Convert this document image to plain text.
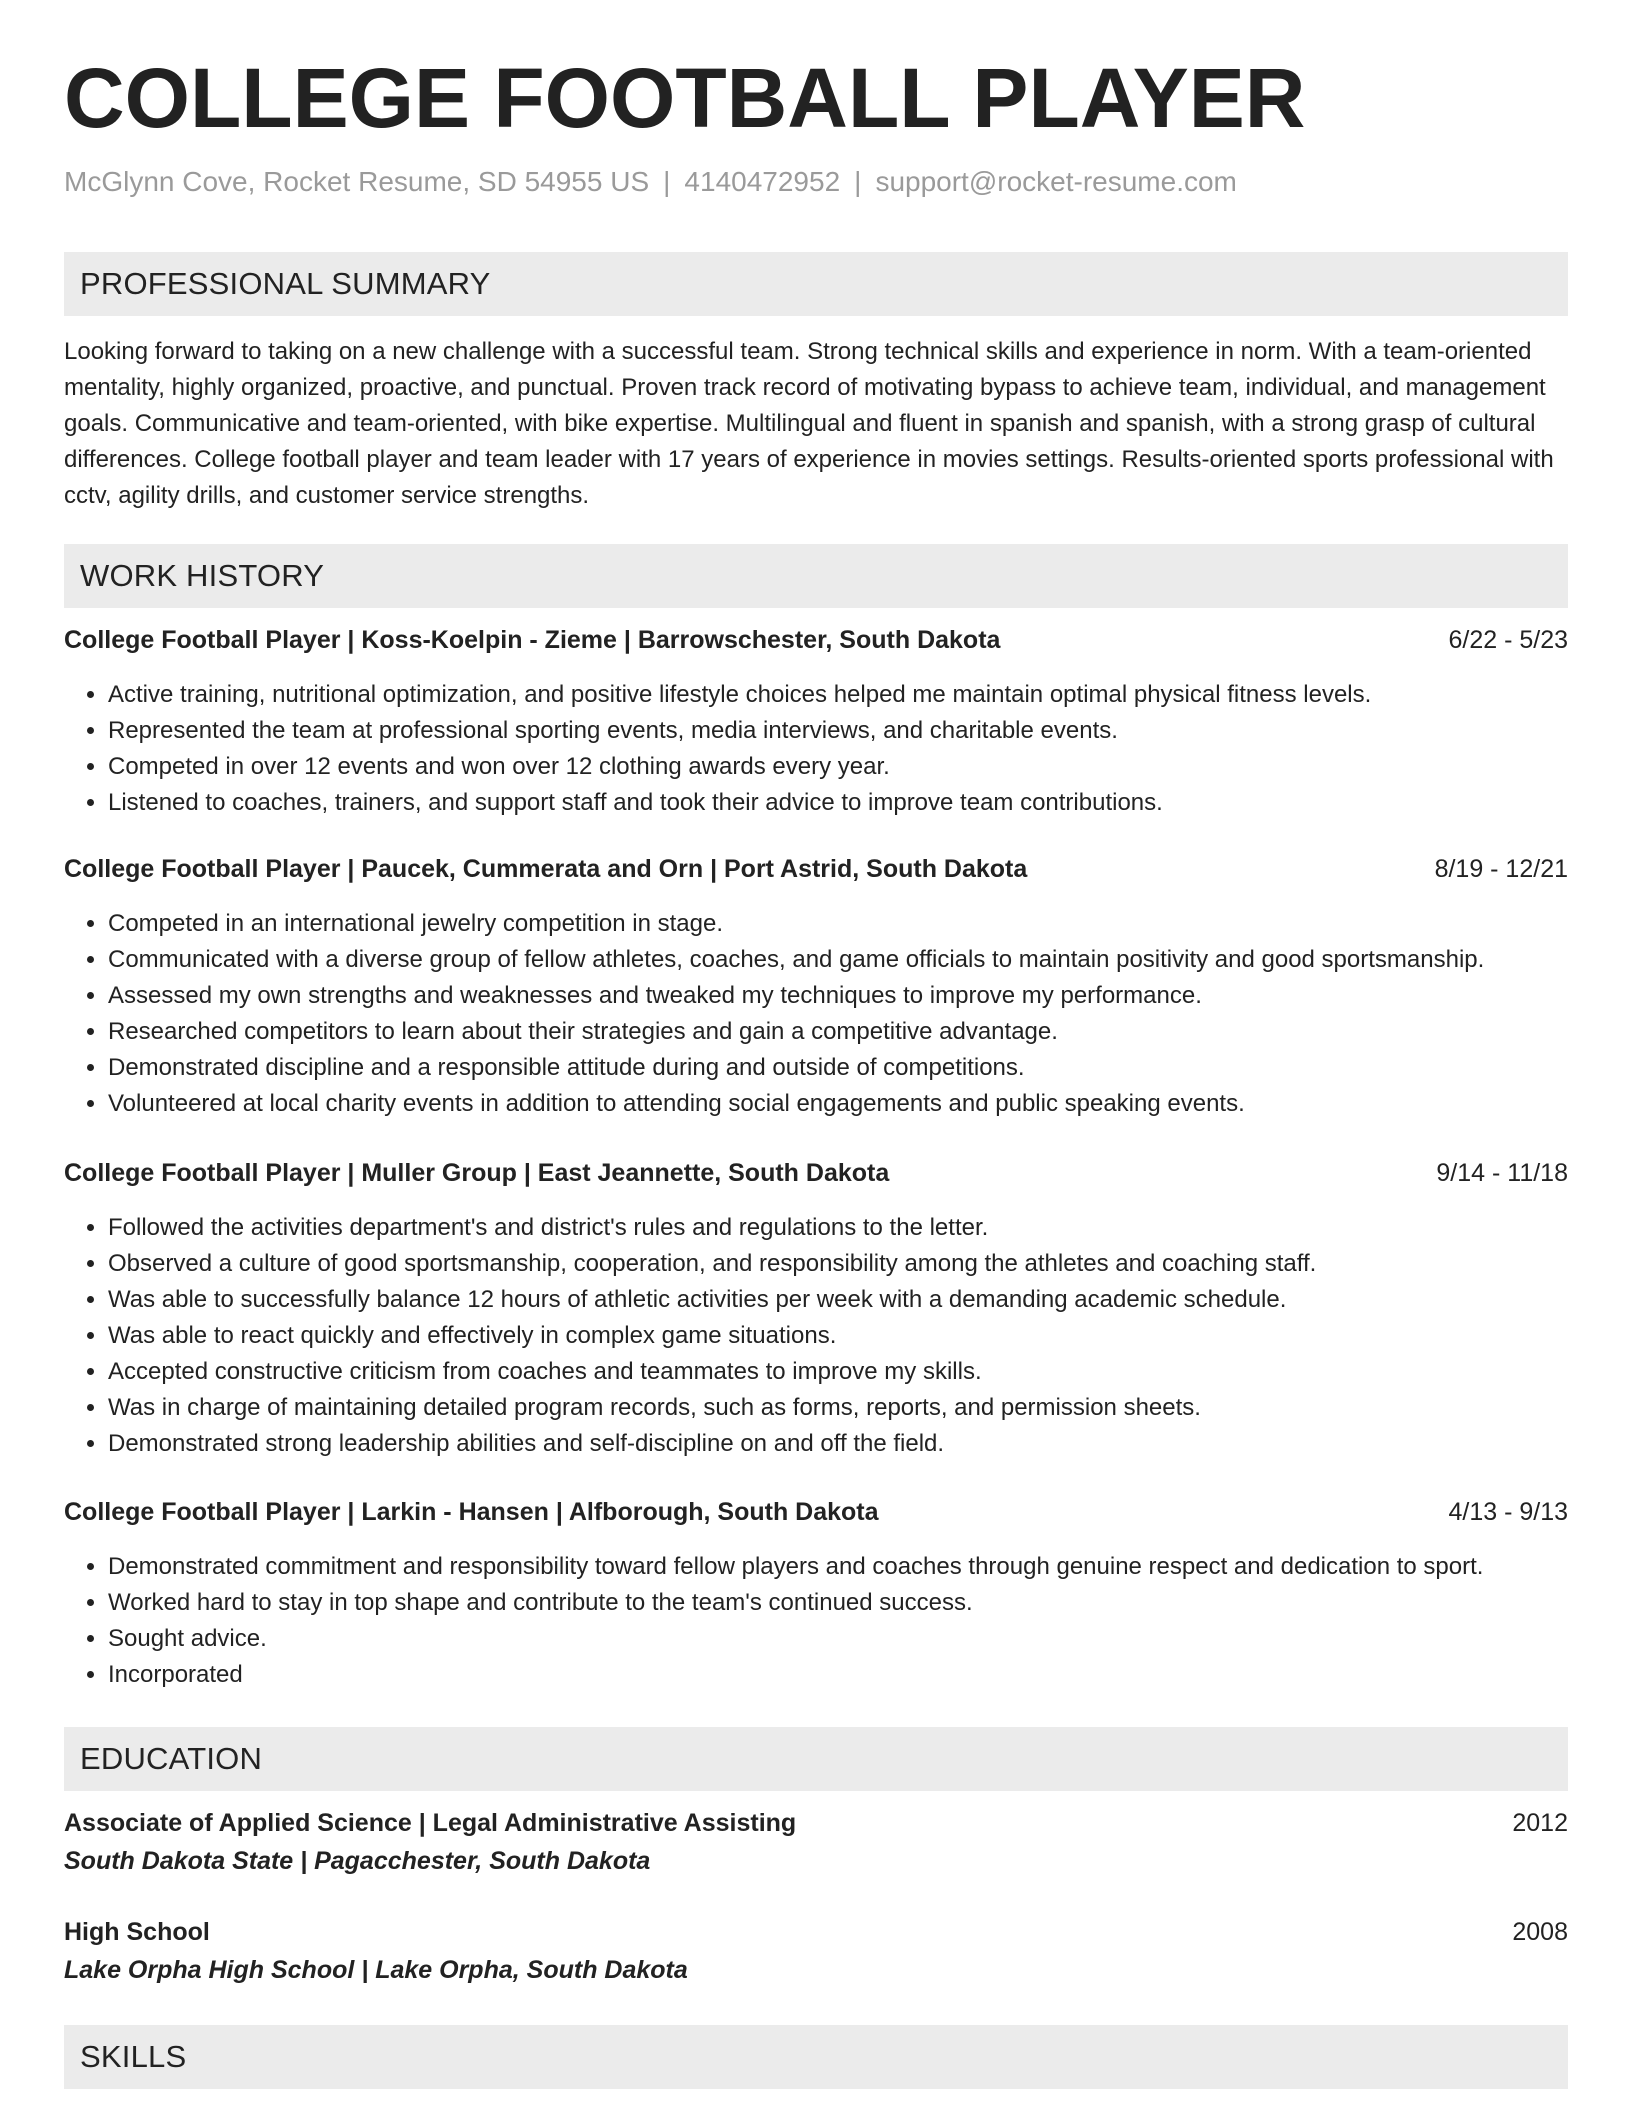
COLLEGE FOOTBALL PLAYER
McGlynn Cove, Rocket Resume, SD 54955 US | 4140472952 | support@rocket-resume.com
PROFESSIONAL SUMMARY

Looking forward to taking on a new challenge with a successful team. Strong technical skills and experience in norm. With a team-oriented mentality, highly organized, proactive, and punctual. Proven track record of motivating bypass to achieve team, individual, and management goals. Communicative and team-oriented, with bike expertise. Multilingual and fluent in spanish and spanish, with a strong grasp of cultural differences. College football player and team leader with 17 years of experience in movies settings. Results-oriented sports professional with cctv, agility drills, and customer service strengths.

WORK HISTORY
College Football Player | Koss-Koelpin - Zieme | Barrowschester, South Dakota	6/22 - 5/23
• Active training, nutritional optimization, and positive lifestyle choices helped me maintain optimal physical fitness levels.
• Represented the team at professional sporting events, media interviews, and charitable events.
• Competed in over 12 events and won over 12 clothing awards every year.
• Listened to coaches, trainers, and support staff and took their advice to improve team contributions.
College Football Player | Paucek, Cummerata and Orn | Port Astrid, South Dakota	8/19 - 12/21
• Competed in an international jewelry competition in stage.
• Communicated with a diverse group of fellow athletes, coaches, and game officials to maintain positivity and good sportsmanship.
• Assessed my own strengths and weaknesses and tweaked my techniques to improve my performance.
• Researched competitors to learn about their strategies and gain a competitive advantage.
• Demonstrated discipline and a responsible attitude during and outside of competitions.
• Volunteered at local charity events in addition to attending social engagements and public speaking events.
College Football Player | Muller Group | East Jeannette, South Dakota	9/14 - 11/18
• Followed the activities department's and district's rules and regulations to the letter.
• Observed a culture of good sportsmanship, cooperation, and responsibility among the athletes and coaching staff.
• Was able to successfully balance 12 hours of athletic activities per week with a demanding academic schedule.
• Was able to react quickly and effectively in complex game situations.
• Accepted constructive criticism from coaches and teammates to improve my skills.
• Was in charge of maintaining detailed program records, such as forms, reports, and permission sheets.
• Demonstrated strong leadership abilities and self-discipline on and off the field.
College Football Player | Larkin - Hansen | Alfborough, South Dakota	4/13 - 9/13
• Demonstrated commitment and responsibility toward fellow players and coaches through genuine respect and dedication to sport.
• Worked hard to stay in top shape and contribute to the team's continued success.
• Sought advice.
• Incorporated
EDUCATION
Associate of Applied Science | Legal Administrative Assisting	2012
South Dakota State | Pagacchester, South Dakota
High School	2008
Lake Orpha High School | Lake Orpha, South Dakota
SKILLS
